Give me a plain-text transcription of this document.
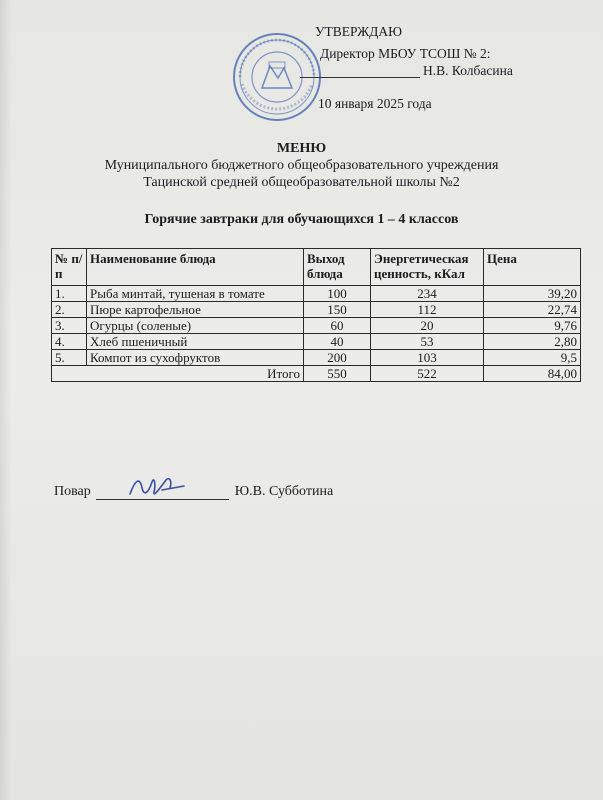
УТВЕРЖДАЮ
Директор МБОУ ТСОШ № 2:
Н.В. Колбасина
10 января 2025 года
МЕНЮ
Муниципального бюджетного общеобразовательного учреждения
Тацинской средней общеобразовательной школы №2
Горячие завтраки для обучающихся 1 – 4 классов
№ п/п	Наименование блюда	Выход блюда	Энергетическая ценность, кКал	Цена
1.	Рыба минтай, тушеная в томате	100	234	39,20
2.	Пюре картофельное	150	112	22,74
3.	Огурцы (соленые)	60	20	9,76
4.	Хлеб пшеничный	40	53	2,80
5.	Компот из сухофруктов	200	103	9,5
Итого		550	522	84,00
Повар	Ю.В. Субботина
